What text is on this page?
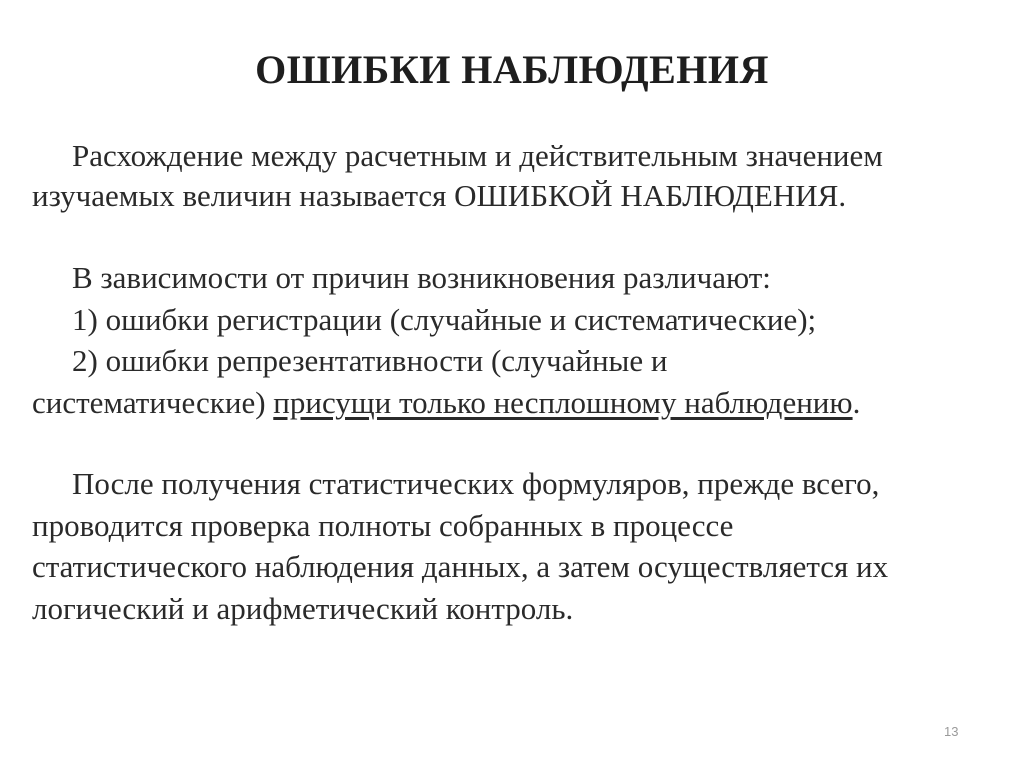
ОШИБКИ НАБЛЮДЕНИЯ
Расхождение между расчетным и действительным значением
изучаемых величин называется ОШИБКОЙ НАБЛЮДЕНИЯ.
В зависимости от причин возникновения различают:
1) ошибки регистрации (случайные и систематические);
2) ошибки репрезентативности (случайные и
систематические) присущи только несплошному наблюдению.
После получения статистических формуляров, прежде всего,
проводится проверка полноты собранных в процессе
статистического наблюдения данных, а затем осуществляется их
логический и арифметический контроль.
13
